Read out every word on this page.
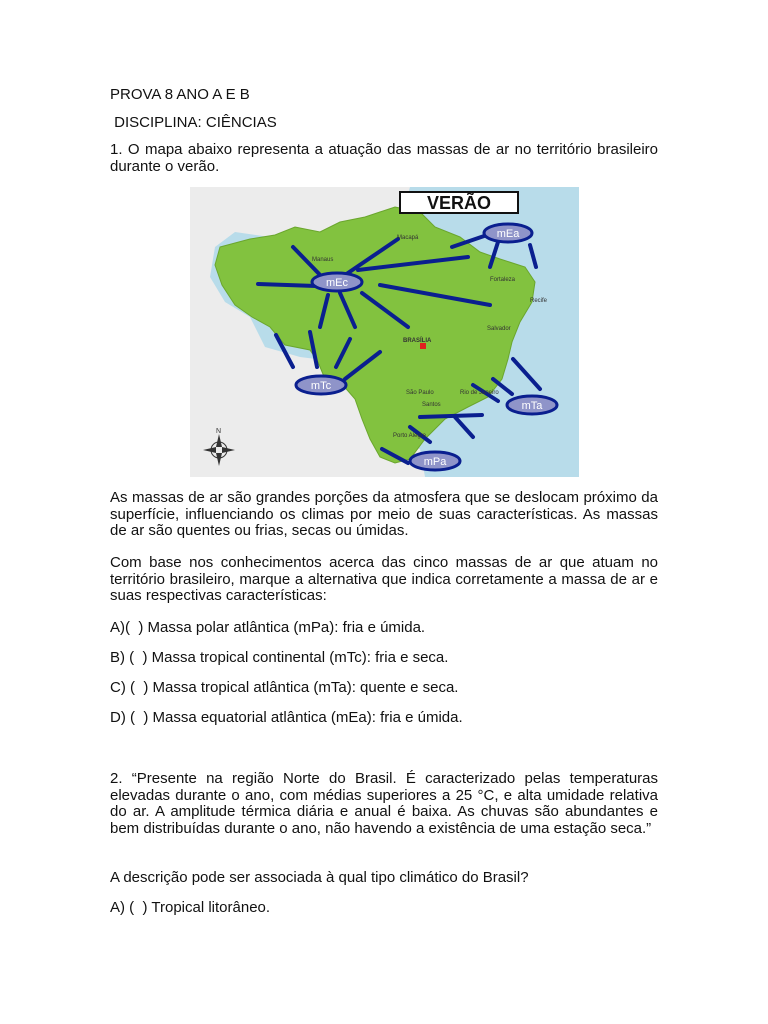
PROVA 8 ANO A E B
DISCIPLINA: CIÊNCIAS
1. O mapa abaixo representa a atuação das massas de ar no território brasileiro durante o verão.
mEc
mEa
mTc
mTa
mPa
Macapá
Manaus
Fortaleza
Recife
Salvador
BRASÍLIA
São Paulo	Rio de Janeiro
Santos
Porto Alegre
N
VERÃO
As massas de ar são grandes porções da atmosfera que se deslocam próximo da superfície, influenciando os climas por meio de suas características. As massas de ar são quentes ou frias, secas ou úmidas.
Com base nos conhecimentos acerca das cinco massas de ar que atuam no território brasileiro, marque a alternativa que indica corretamente a massa de ar e suas respectivas características:
A)(  ) Massa polar atlântica (mPa): fria e úmida.
B) (  ) Massa tropical continental (mTc): fria e seca.
C) (  ) Massa tropical atlântica (mTa): quente e seca.
D) (  ) Massa equatorial atlântica (mEa): fria e úmida.
2. “Presente na região Norte do Brasil. É caracterizado pelas temperaturas elevadas durante o ano, com médias superiores a 25 °C, e alta umidade relativa do ar. A amplitude térmica diária e anual é baixa. As chuvas são abundantes e bem distribuídas durante o ano, não havendo a existência de uma estação seca.”
A descrição pode ser associada à qual tipo climático do Brasil?
A) (  ) Tropical litorâneo.
